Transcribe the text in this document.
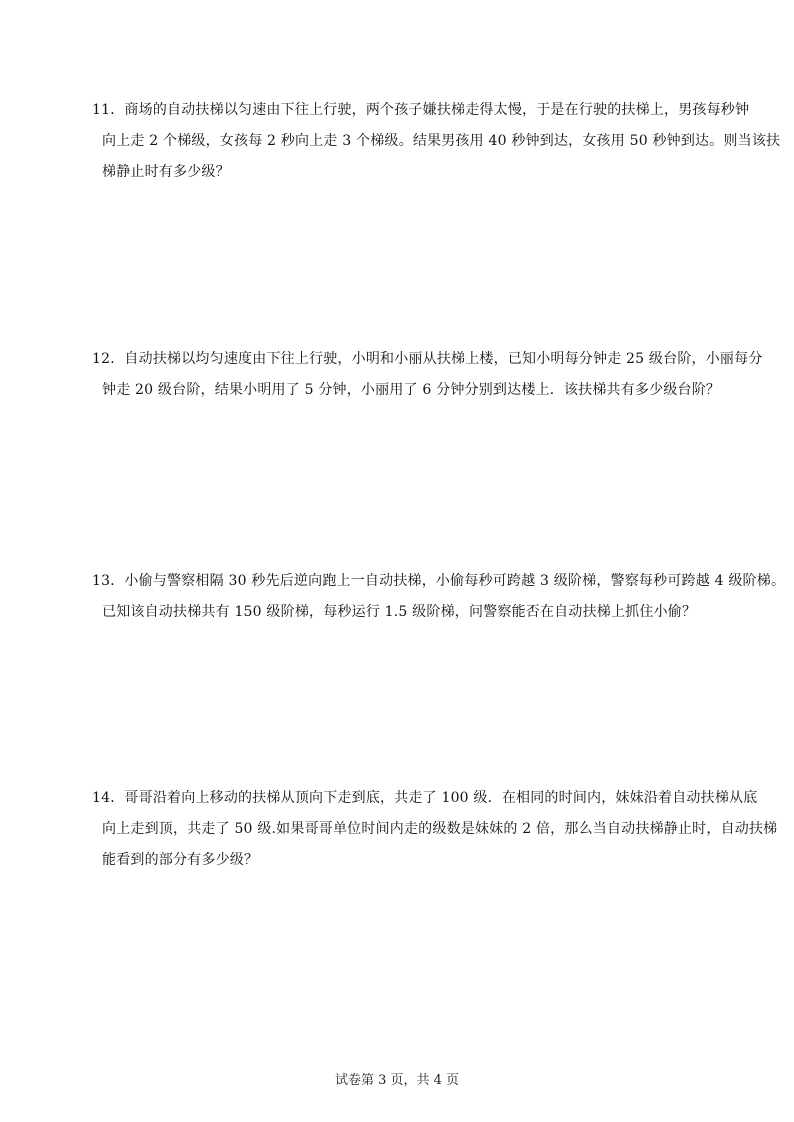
11．商场的自动扶梯以匀速由下往上行驶，两个孩子嫌扶梯走得太慢，于是在行驶的扶梯上，男孩每秒钟
向上走 2 个梯级，女孩每 2 秒向上走 3 个梯级。结果男孩用 40 秒钟到达，女孩用 50 秒钟到达。则当该扶
梯静止时有多少级？
12．自动扶梯以均匀速度由下往上行驶，小明和小丽从扶梯上楼，已知小明每分钟走 25 级台阶，小丽每分
钟走 20 级台阶，结果小明用了 5 分钟，小丽用了 6 分钟分别到达楼上．该扶梯共有多少级台阶？
13．小偷与警察相隔 30 秒先后逆向跑上一自动扶梯，小偷每秒可跨越 3 级阶梯，警察每秒可跨越 4 级阶梯。
已知该自动扶梯共有 150 级阶梯，每秒运行 1.5 级阶梯，问警察能否在自动扶梯上抓住小偷？
14．哥哥沿着向上移动的扶梯从顶向下走到底，共走了 100 级．在相同的时间内，妹妹沿着自动扶梯从底
向上走到顶，共走了 50 级.如果哥哥单位时间内走的级数是妹妹的 2 倍，那么当自动扶梯静止时，自动扶梯
能看到的部分有多少级？
试卷第 3 页，共 4 页
